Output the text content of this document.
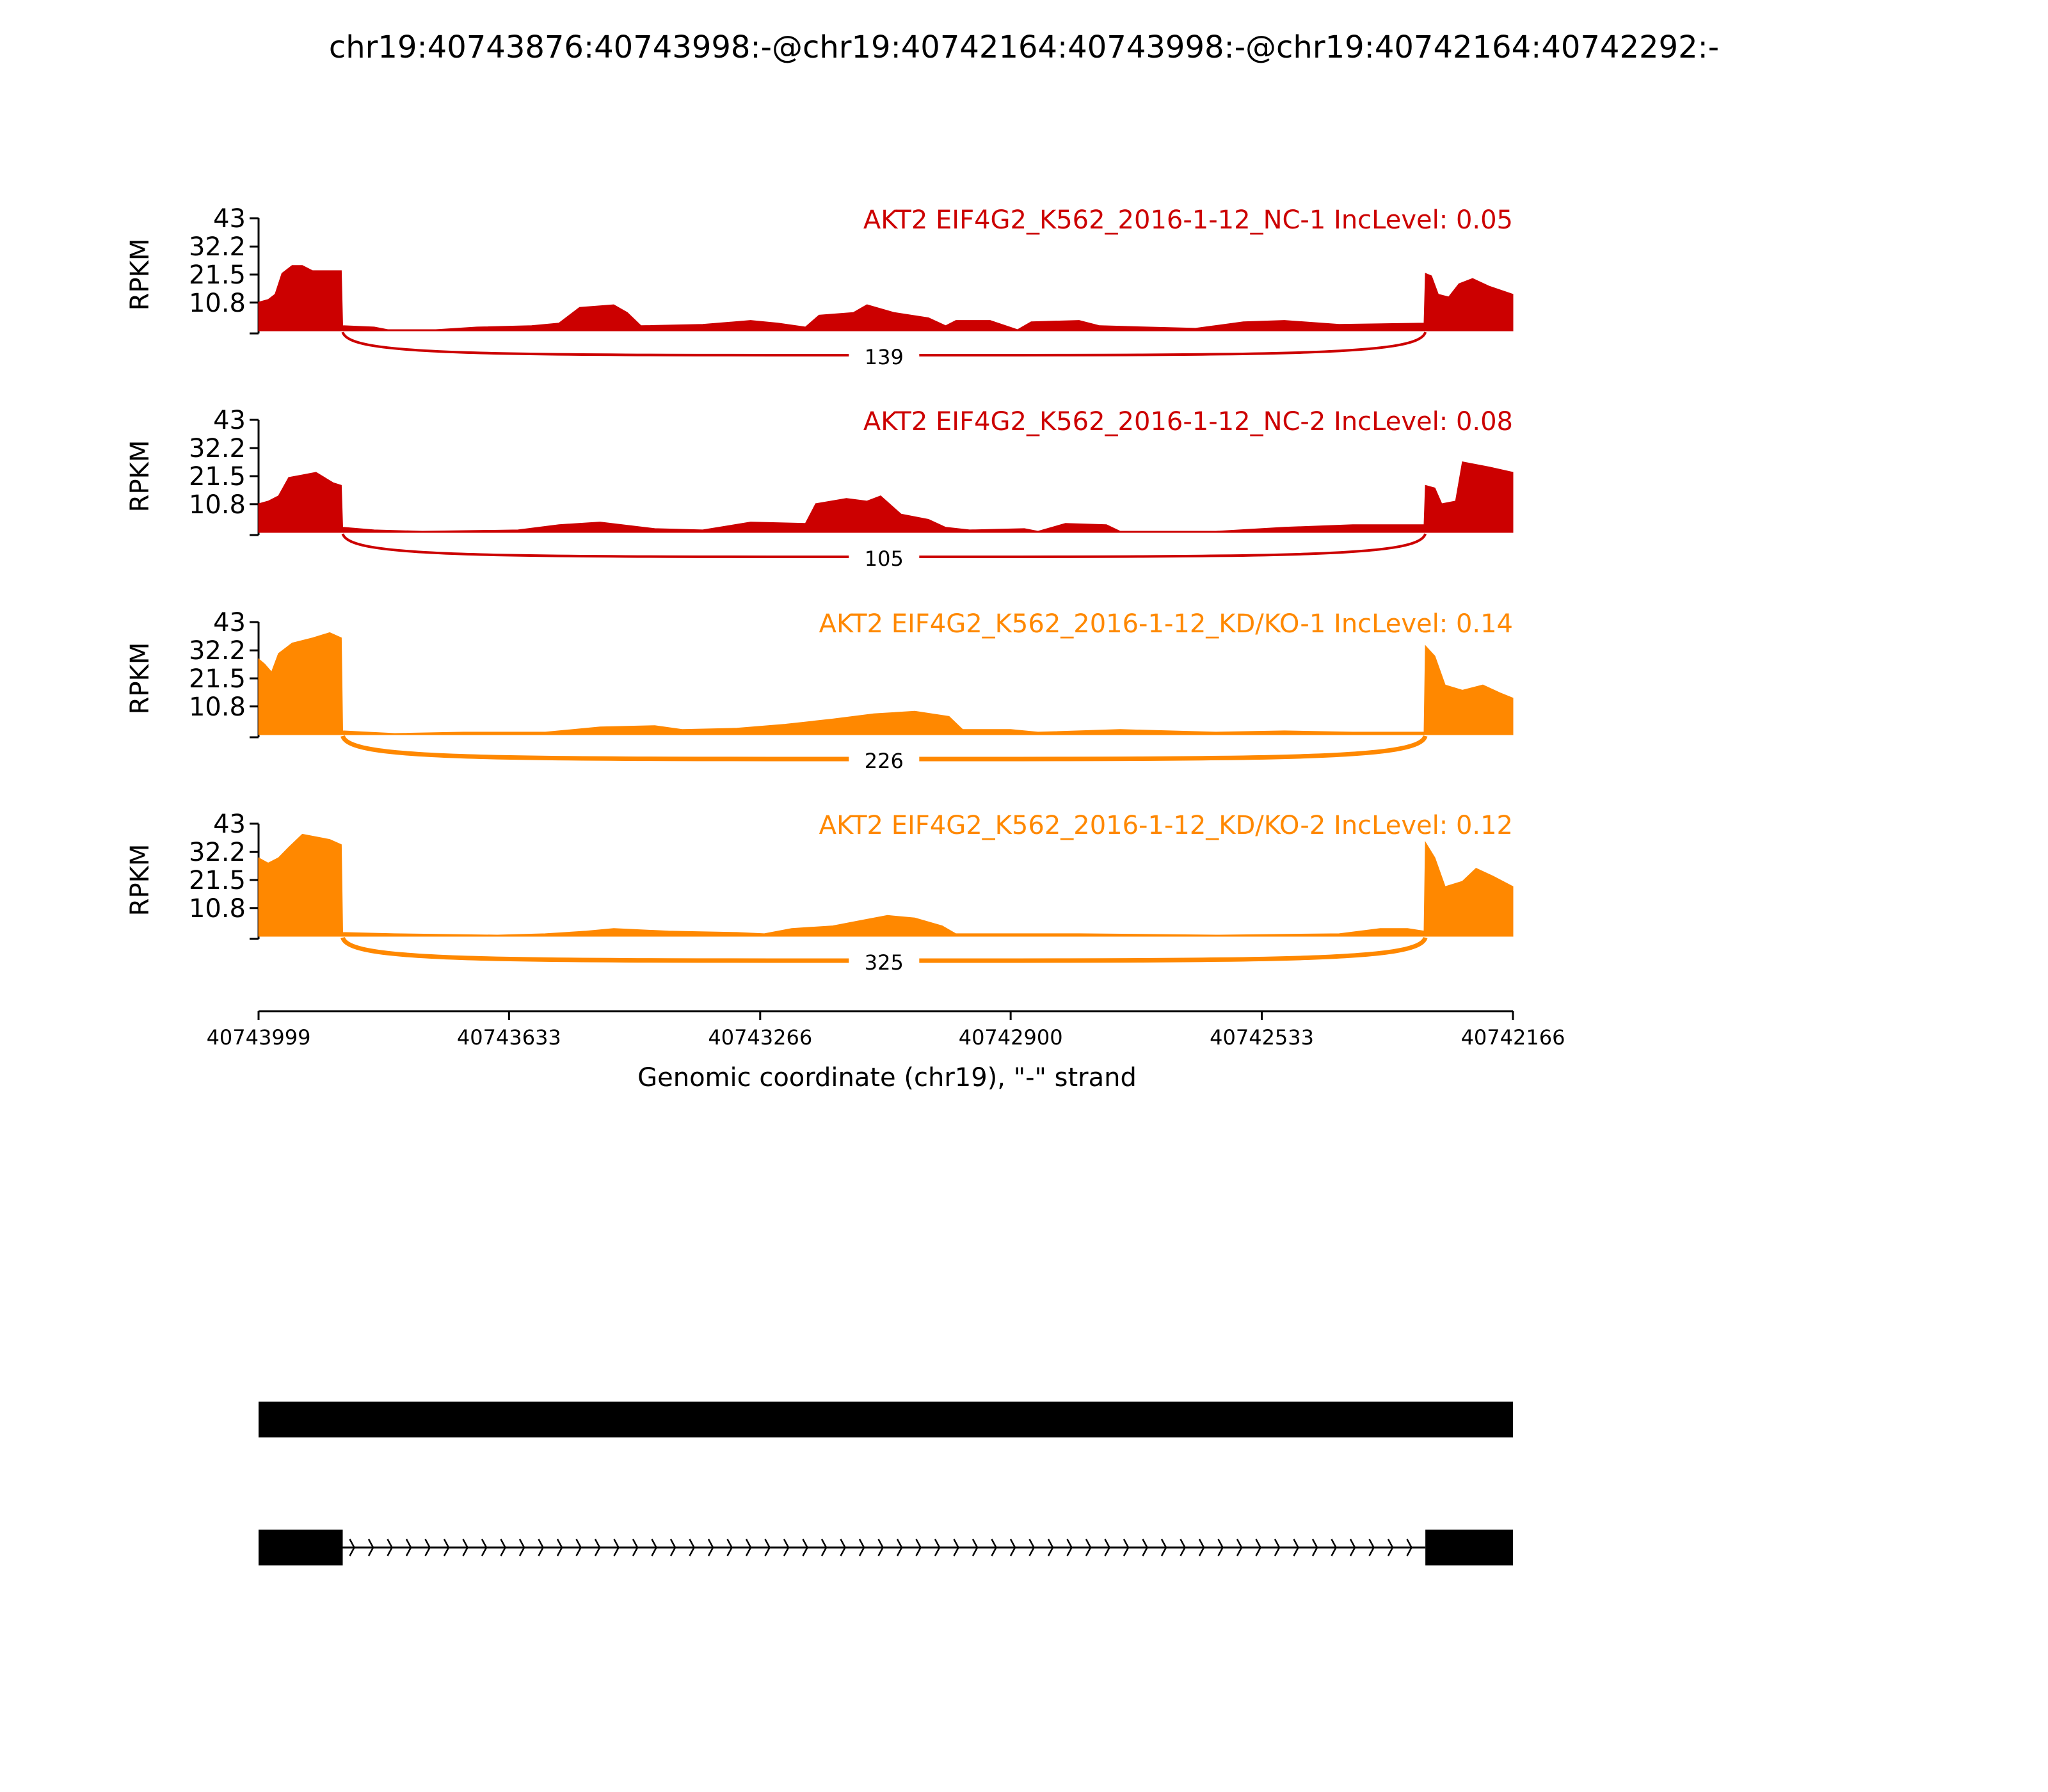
chr19:40743876:40743998:-@chr19:40742164:40743998:-@chr19:40742164:40742292:-
43
32.2
21.5
10.8
RPKM
139
AKT2 EIF4G2_K562_2016-1-12_NC-1 IncLevel: 0.05
43
32.2
21.5
10.8
RPKM
105
AKT2 EIF4G2_K562_2016-1-12_NC-2 IncLevel: 0.08
43
32.2
21.5
10.8
RPKM
226
AKT2 EIF4G2_K562_2016-1-12_KD/KO-1 IncLevel: 0.14
43
32.2
21.5
10.8
RPKM
325
AKT2 EIF4G2_K562_2016-1-12_KD/KO-2 IncLevel: 0.12
Genomic coordinate (chr19), "-" strand
40743999	40743633	40743266	40742900	40742533	40742166
